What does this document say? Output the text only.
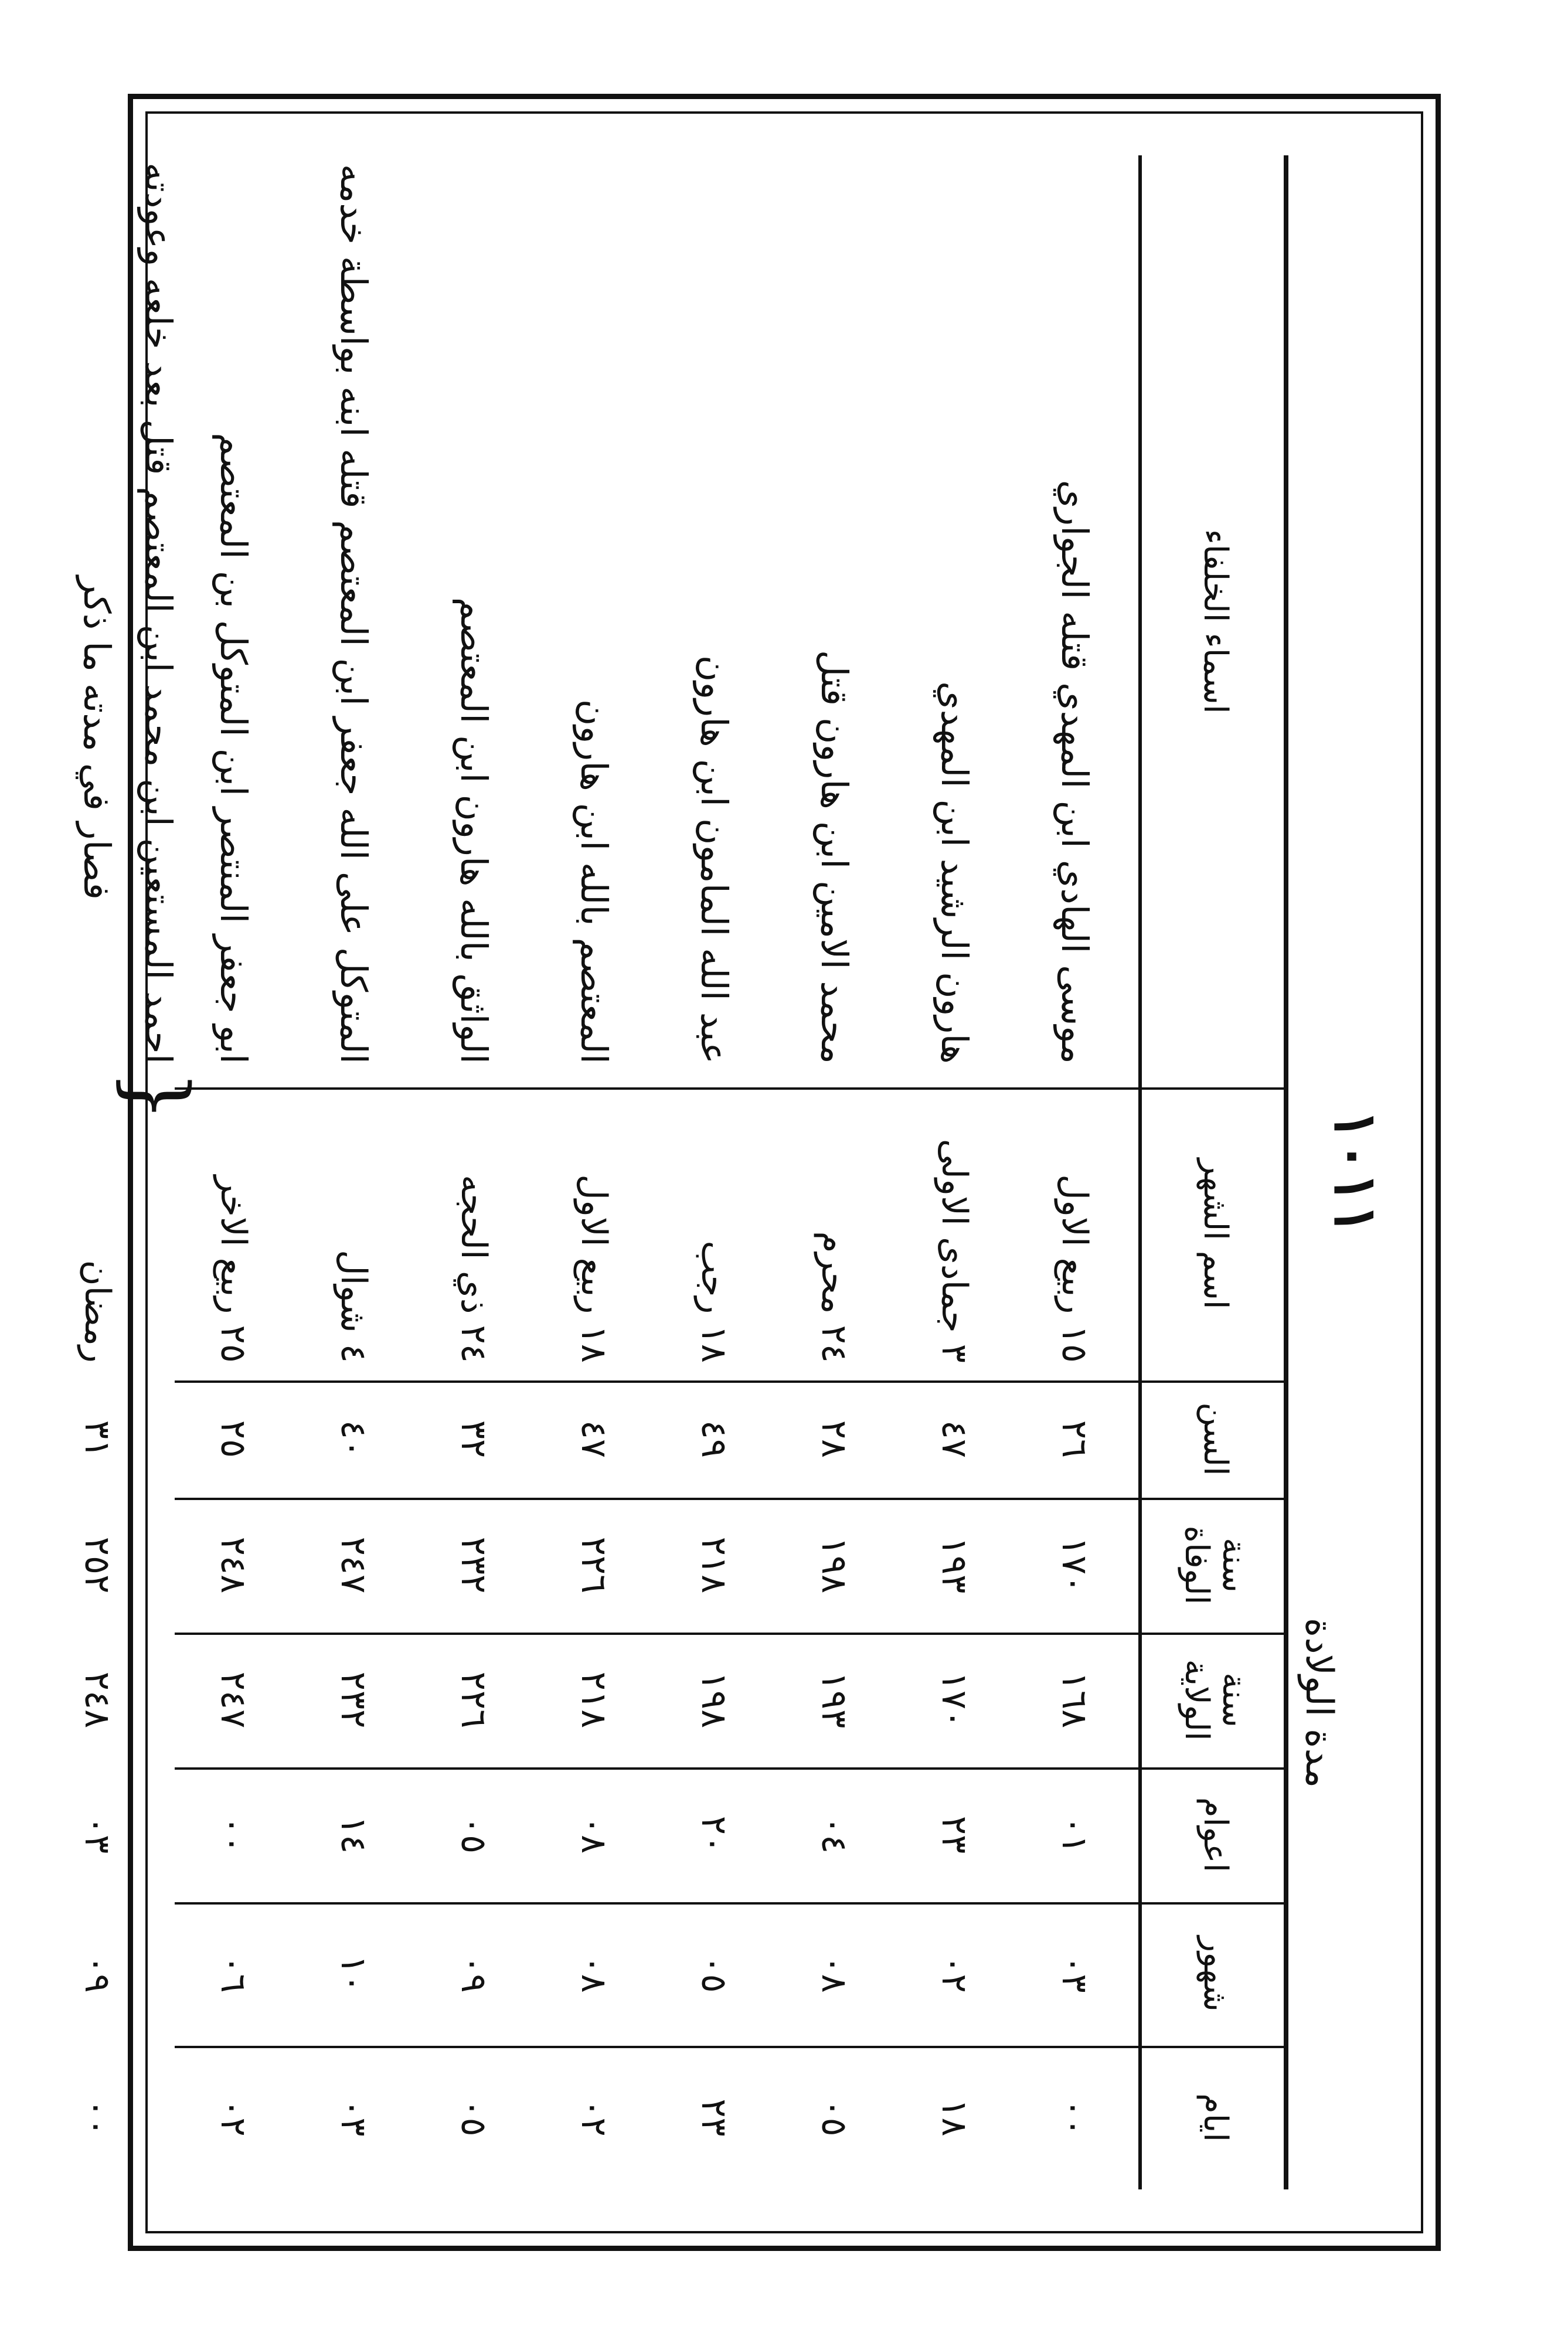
١٠١١
مدة الولادة
اسماء الخلفاء
اسم الشهر
السن
سنة الوفاة
سنة الولاية
اعوام
شهور
ايام
موسى الهادي ابن المهدي قتله الجواري
١٥ ربيع الاول
٢٦
١٧٠
١٦٨
٠١
٠٣
٠٠
هارون الرشيد ابن المهدي
٣ جمادى الاولى
٤٧
١٩٣
١٧٠
٢٣
٠٢
١٨
محمد الامين ابن هارون قتل
٢٤ محرم
٢٨
١٩٨
١٩٣
٠٤
٠٨
٠٥
عبد الله المامون ابن هارون
١٨ رجب
٤٩
٢١٨
١٩٨
٢٠
٠٥
٢٣
المعتصم بالله ابن هارون
١٨ ربيع الاول
٤٧
٢٢٦
٢١٨
٠٨
٠٨
٠٢
الواثق بالله هارون ابن المعتصم
٢٤ ذي الحجه
٣٢
٢٣٢
٢٢٦
٠٥
٠٩
٠٥
المتوكل على الله جعفر ابن المعتصم قتله ابنه بواسطة خدمه
٤ شوال
٤٠
٢٤٧
٢٣٢
١٤
١٠
٠٣
ابو جعفر المنتصر ابن المتوكل بن المعتصم
٢٥ ربيع الاخر
٢٥
٢٤٨
٢٤٧
٠٠
٠٦
٠٢
احمد المستعين ابن محمد ابن المعتصم قتل بعد خلعه وعودته
فصار في مدته ما ذكر
رمضان
٣١
٢٥٢
٢٤٨
٠٣
٠٩
٠٠
}
